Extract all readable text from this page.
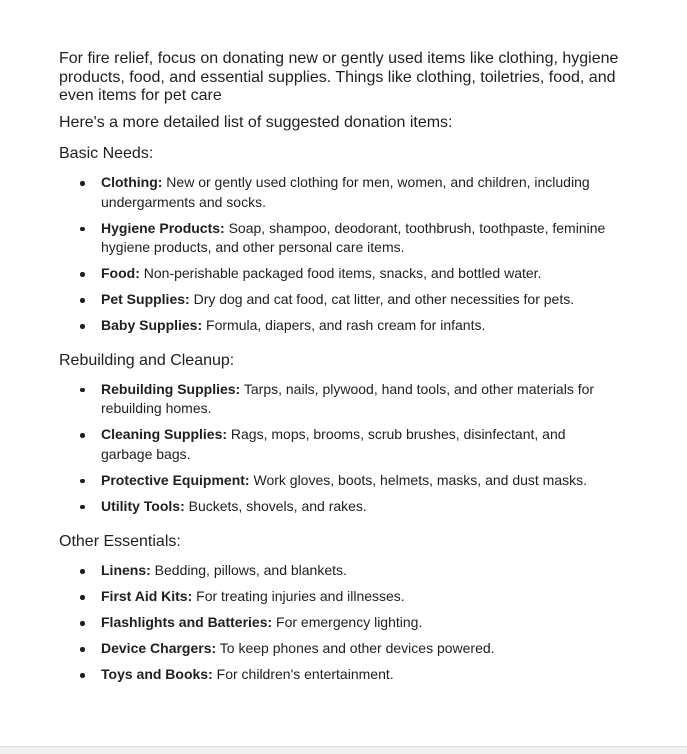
For fire relief, focus on donating new or gently used items like clothing, hygiene products, food, and essential supplies. Things like clothing, toiletries, food, and even items for pet care

Here's a more detailed list of suggested donation items:

Basic Needs:
Clothing: New or gently used clothing for men, women, and children, including undergarments and socks.
Hygiene Products: Soap, shampoo, deodorant, toothbrush, toothpaste, feminine hygiene products, and other personal care items.
Food: Non-perishable packaged food items, snacks, and bottled water.
Pet Supplies: Dry dog and cat food, cat litter, and other necessities for pets.
Baby Supplies: Formula, diapers, and rash cream for infants.
Rebuilding and Cleanup:
Rebuilding Supplies: Tarps, nails, plywood, hand tools, and other materials for rebuilding homes.
Cleaning Supplies: Rags, mops, brooms, scrub brushes, disinfectant, and garbage bags.
Protective Equipment: Work gloves, boots, helmets, masks, and dust masks.
Utility Tools: Buckets, shovels, and rakes.
Other Essentials:
Linens: Bedding, pillows, and blankets.
First Aid Kits: For treating injuries and illnesses.
Flashlights and Batteries: For emergency lighting.
Device Chargers: To keep phones and other devices powered.
Toys and Books: For children's entertainment.
